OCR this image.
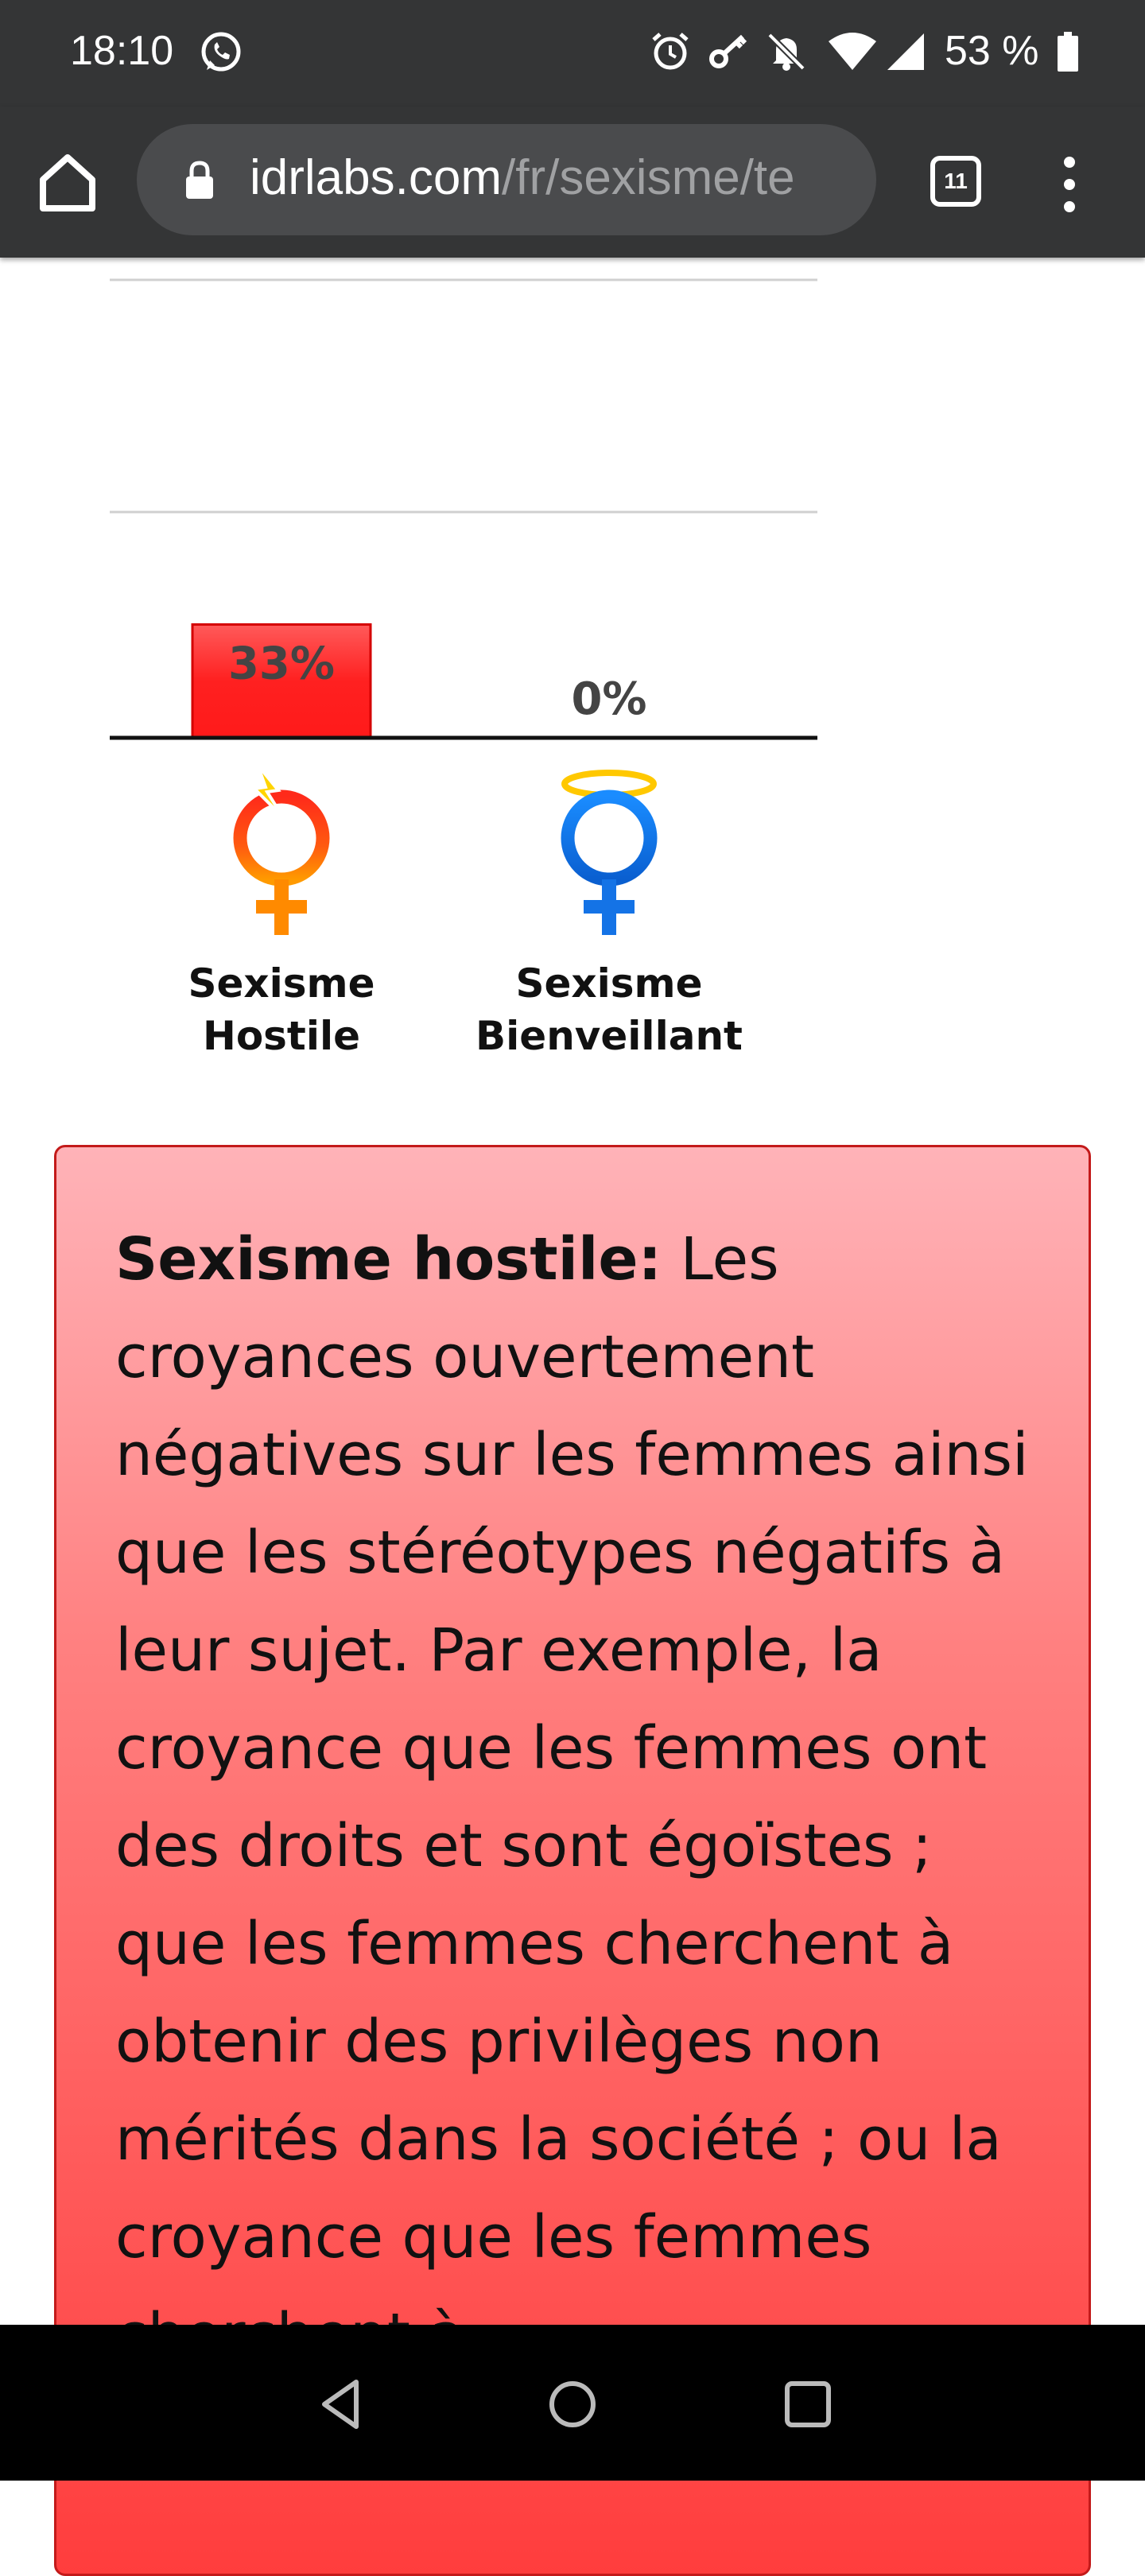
18:10	53 %
idrlabs.com/fr/sexisme/te	11
33%
0%
Sexisme
Hostile
Sexisme
Bienveillant
Sexisme hostile: Les croyances ouvertement négatives sur les femmes ainsi que les stéréotypes négatifs à leur sujet. Par exemple, la croyance que les femmes ont des droits et sont égoïstes ; que les femmes cherchent à obtenir des privilèges non mérités dans la société ; ou la croyance que les femmes
